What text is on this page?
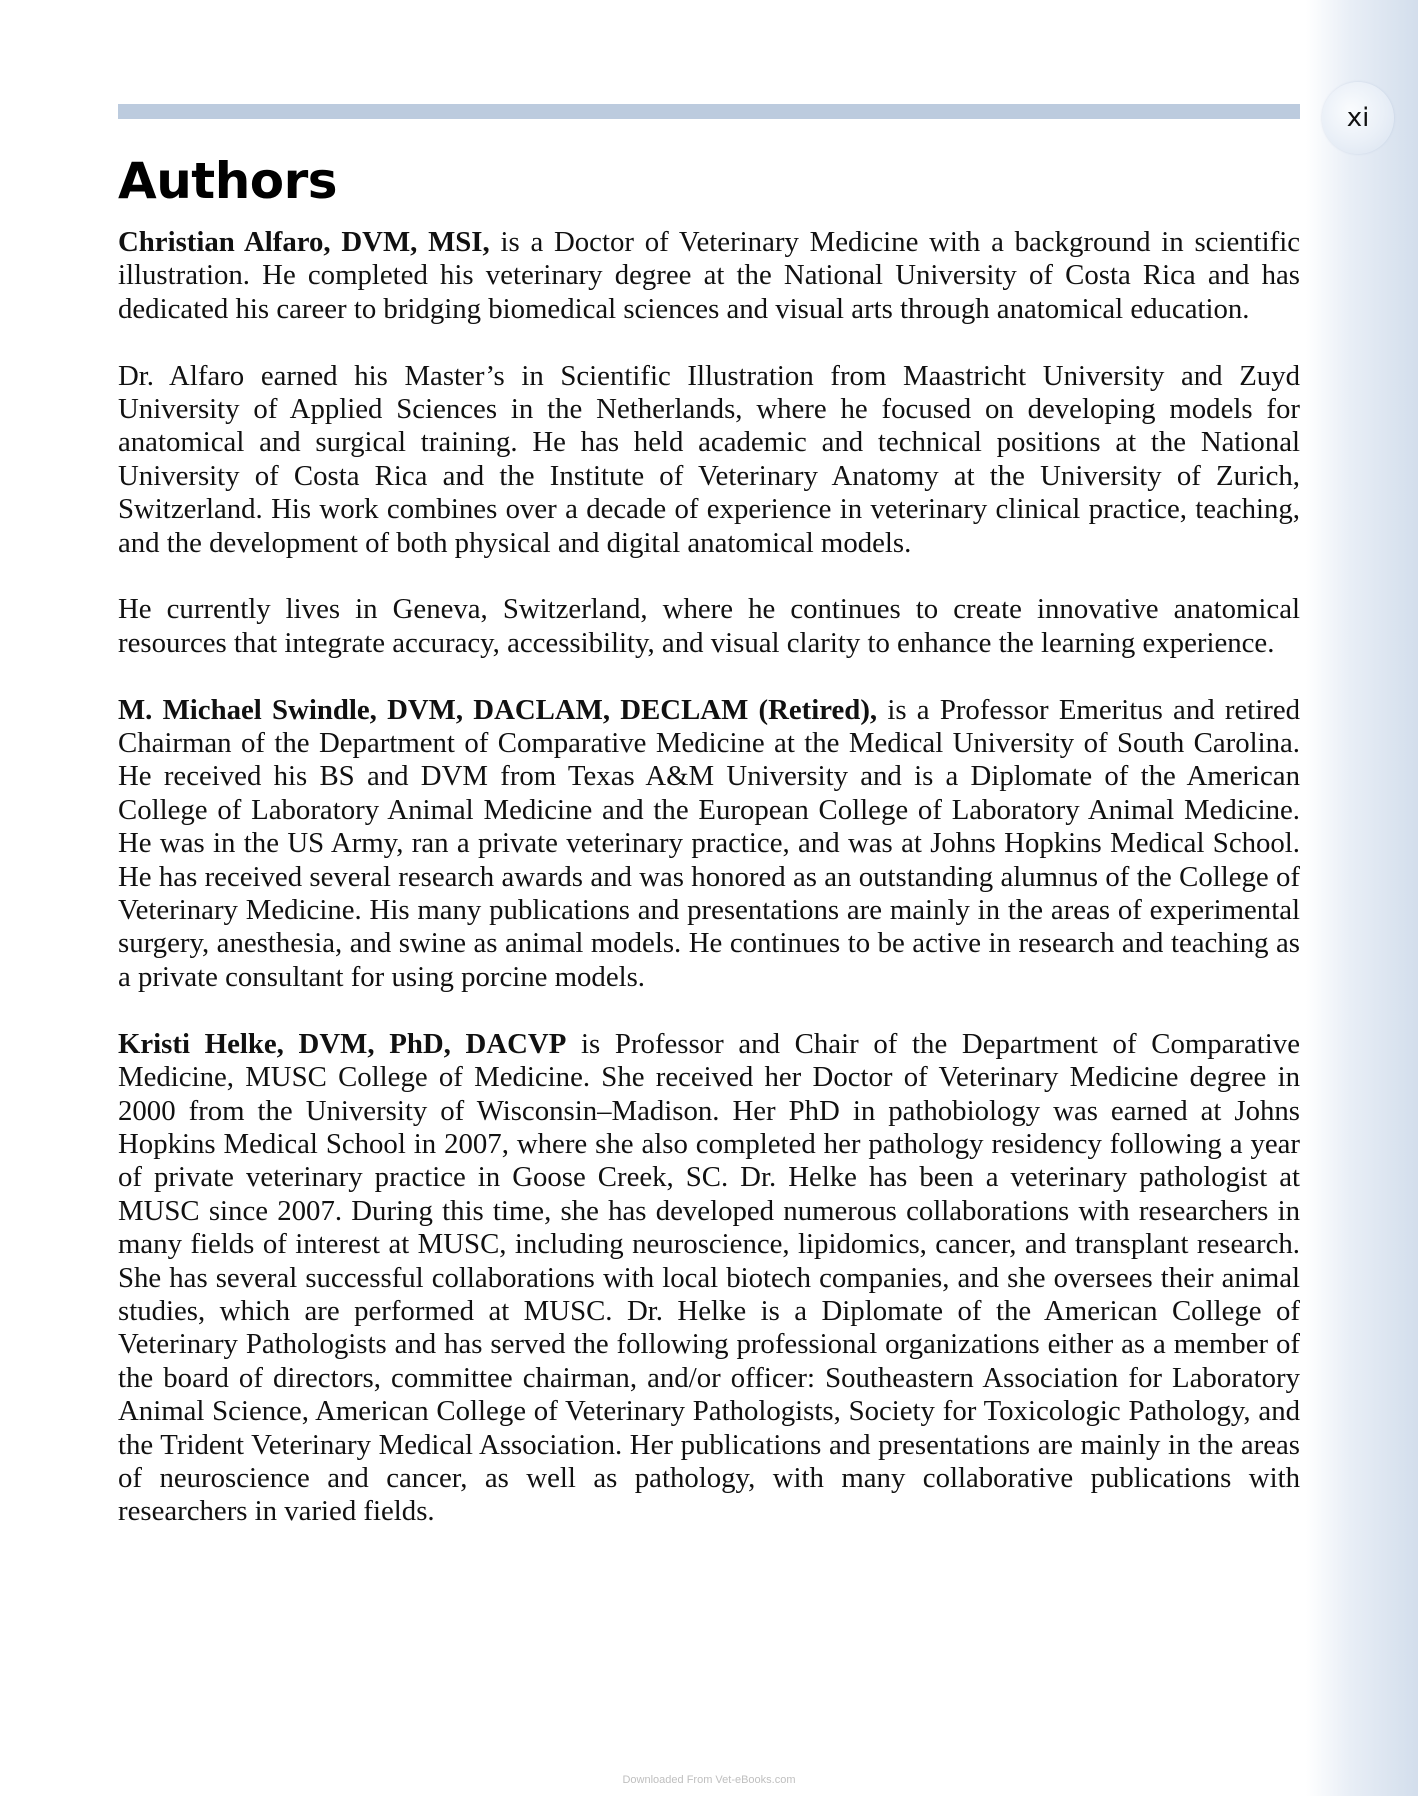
xi
Authors

Christian Alfaro, DVM, MSI, is a Doctor of Veterinary Medicine with a background in scientific illustration. He completed his veterinary degree at the National University of Costa Rica and has dedicated his career to bridging biomedical sciences and visual arts through anatomical education.

Dr. Alfaro earned his Master’s in Scientific Illustration from Maastricht University and Zuyd University of Applied Sciences in the Netherlands, where he focused on developing models for anatomical and surgical training. He has held academic and technical positions at the National University of Costa Rica and the Institute of Veterinary Anatomy at the University of Zurich, Switzerland. His work combines over a decade of experience in veterinary clinical practice, teaching, and the development of both physical and digital anatomical models.

He currently lives in Geneva, Switzerland, where he continues to create innovative anatomical resources that integrate accuracy, accessibility, and visual clarity to enhance the learning experience.

M. Michael Swindle, DVM, DACLAM, DECLAM (Retired), is a Professor Emeritus and retired Chairman of the Department of Comparative Medicine at the Medical University of South Carolina. He received his BS and DVM from Texas A&M University and is a Diplomate of the American College of Laboratory Animal Medicine and the European College of Laboratory Animal Medicine. He was in the US Army, ran a private veterinary practice, and was at Johns Hopkins Medical School. He has received several research awards and was honored as an outstanding alumnus of the College of Veterinary Medicine. His many publications and presentations are mainly in the areas of experimental surgery, anesthesia, and swine as animal models. He continues to be active in research and teaching as a private consultant for using porcine models.

Kristi Helke, DVM, PhD, DACVP is Professor and Chair of the Department of Comparative Medicine, MUSC College of Medicine. She received her Doctor of Veterinary Medicine degree in 2000 from the University of Wisconsin–Madison. Her PhD in pathobiology was earned at Johns Hopkins Medical School in 2007, where she also completed her pathology residency following a year of private veterinary practice in Goose Creek, SC. Dr. Helke has been a veterinary pathologist at MUSC since 2007. During this time, she has developed numerous collaborations with researchers in many fields of interest at MUSC, including neuroscience, lipidomics, cancer, and transplant research. She has several successful collaborations with local biotech companies, and she oversees their animal studies, which are performed at MUSC. Dr. Helke is a Diplomate of the American College of Veterinary Pathologists and has served the following professional organizations either as a member of the board of directors, committee chairman, and/or officer: Southeastern Association for Laboratory Animal Science, American College of Veterinary Pathologists, Society for Toxicologic Pathology, and the Trident Veterinary Medical Association. Her publications and presentations are mainly in the areas of neuroscience and cancer, as well as pathology, with many collaborative publications with researchers in varied fields.

Downloaded From Vet-eBooks.com
